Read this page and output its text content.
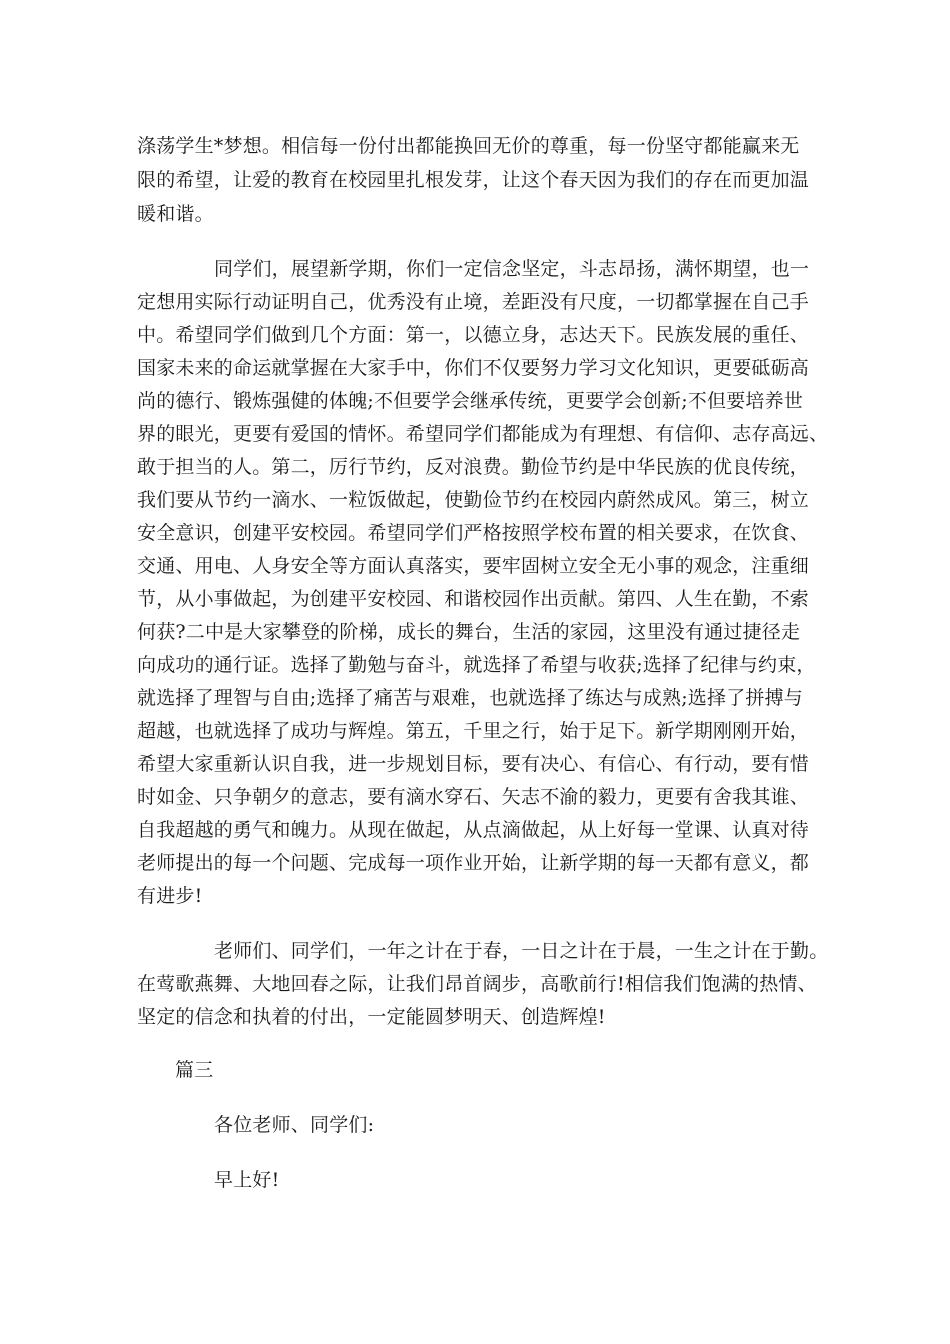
涤荡学生*梦想。相信每一份付出都能换回无价的尊重，每一份坚守都能赢来无
限的希望，让爱的教育在校园里扎根发芽，让这个春天因为我们的存在而更加温
暖和谐。
同学们，展望新学期，你们一定信念坚定，斗志昂扬，满怀期望，也一
定想用实际行动证明自己，优秀没有止境，差距没有尺度，一切都掌握在自己手
中。希望同学们做到几个方面：第一，以德立身，志达天下。民族发展的重任、
国家未来的命运就掌握在大家手中，你们不仅要努力学习文化知识，更要砥砺高
尚的德行、锻炼强健的体魄;不但要学会继承传统，更要学会创新;不但要培养世
界的眼光，更要有爱国的情怀。希望同学们都能成为有理想、有信仰、志存高远、
敢于担当的人。第二，厉行节约，反对浪费。勤俭节约是中华民族的优良传统，
我们要从节约一滴水、一粒饭做起，使勤俭节约在校园内蔚然成风。第三，树立
安全意识，创建平安校园。希望同学们严格按照学校布置的相关要求，在饮食、
交通、用电、人身安全等方面认真落实，要牢固树立安全无小事的观念，注重细
节，从小事做起，为创建平安校园、和谐校园作出贡献。第四、人生在勤，不索
何获?二中是大家攀登的阶梯，成长的舞台，生活的家园，这里没有通过捷径走
向成功的通行证。选择了勤勉与奋斗，就选择了希望与收获;选择了纪律与约束，
就选择了理智与自由;选择了痛苦与艰难，也就选择了练达与成熟;选择了拼搏与
超越，也就选择了成功与辉煌。第五，千里之行，始于足下。新学期刚刚开始，
希望大家重新认识自我，进一步规划目标，要有决心、有信心、有行动，要有惜
时如金、只争朝夕的意志，要有滴水穿石、矢志不渝的毅力，更要有舍我其谁、
自我超越的勇气和魄力。从现在做起，从点滴做起，从上好每一堂课、认真对待
老师提出的每一个问题、完成每一项作业开始，让新学期的每一天都有意义，都
有进步!
老师们、同学们，一年之计在于春，一日之计在于晨，一生之计在于勤。
在莺歌燕舞、大地回春之际，让我们昂首阔步，高歌前行!相信我们饱满的热情、
坚定的信念和执着的付出，一定能圆梦明天、创造辉煌!
篇三
各位老师、同学们:
早上好!
